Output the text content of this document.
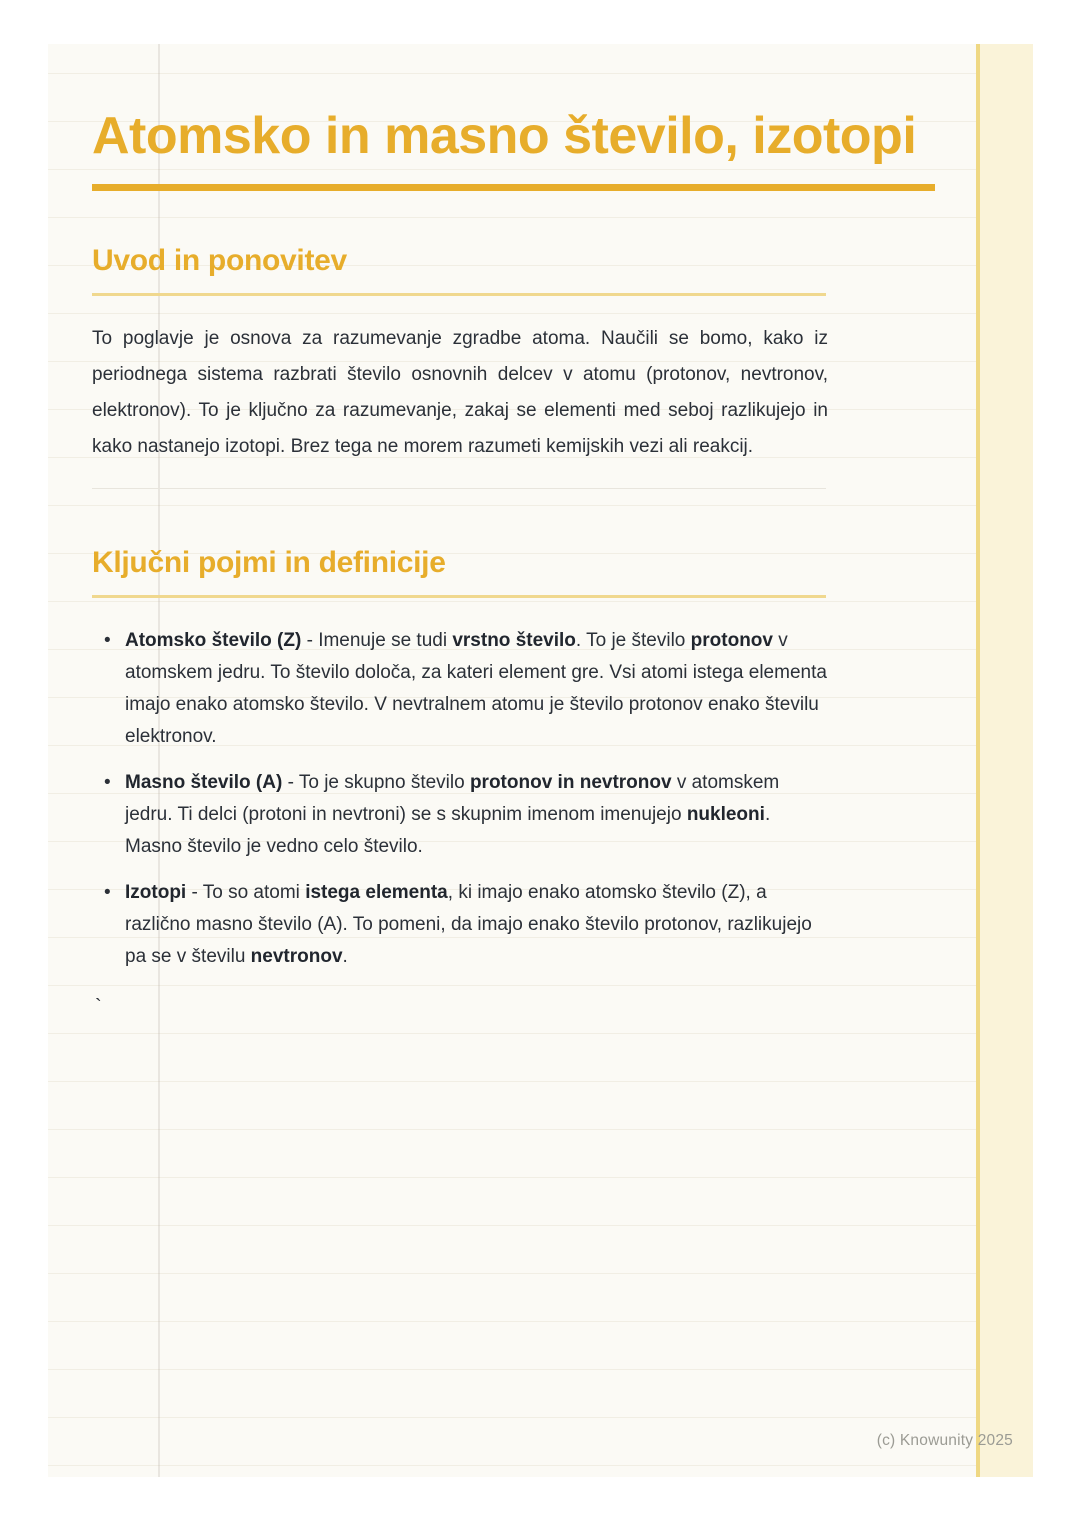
Atomsko in masno število, izotopi
Uvod in ponovitev

To poglavje je osnova za razumevanje zgradbe atoma. Naučili se bomo, kako iz periodnega sistema razbrati število osnovnih delcev v atomu (protonov, nevtronov, elektronov). To je ključno za razumevanje, zakaj se elementi med seboj razlikujejo in kako nastanejo izotopi. Brez tega ne morem razumeti kemijskih vezi ali reakcij.

Ključni pojmi in definicije
• Atomsko število (Z) - Imenuje se tudi vrstno število. To je število protonov v atomskem jedru. To število določa, za kateri element gre. Vsi atomi istega elementa imajo enako atomsko število. V nevtralnem atomu je število protonov enako številu elektronov.
• Masno število (A) - To je skupno število protonov in nevtronov v atomskem jedru. Ti delci (protoni in nevtroni) se s skupnim imenom imenujejo nukleoni. Masno število je vedno celo število.
• Izotopi - To so atomi istega elementa, ki imajo enako atomsko število (Z), a različno masno število (A). To pomeni, da imajo enako število protonov, razlikujejo pa se v številu nevtronov.
`
(c) Knowunity 2025
